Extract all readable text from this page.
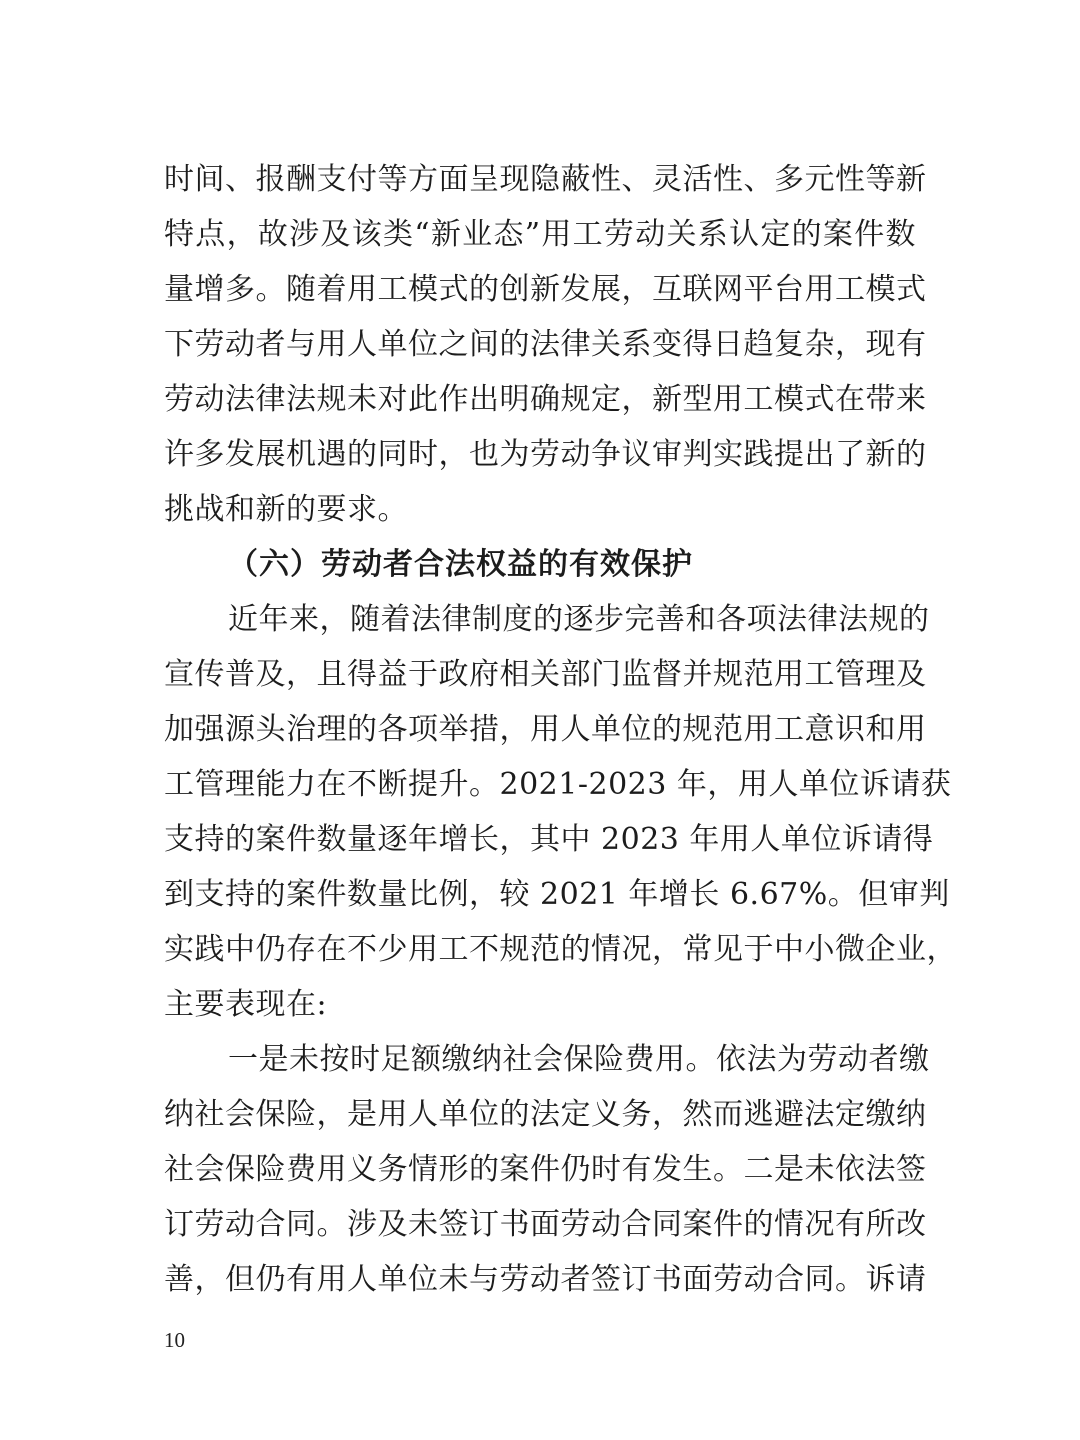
时间、报酬支付等方面呈现隐蔽性、灵活性、多元性等新
特点，故涉及该类“新业态”用工劳动关系认定的案件数
量增多。随着用工模式的创新发展，互联网平台用工模式
下劳动者与用人单位之间的法律关系变得日趋复杂，现有
劳动法律法规未对此作出明确规定，新型用工模式在带来
许多发展机遇的同时，也为劳动争议审判实践提出了新的
挑战和新的要求。
（六）劳动者合法权益的有效保护
近年来，随着法律制度的逐步完善和各项法律法规的
宣传普及，且得益于政府相关部门监督并规范用工管理及
加强源头治理的各项举措，用人单位的规范用工意识和用
工管理能力在不断提升。2021-2023 年，用人单位诉请获
支持的案件数量逐年增长，其中 2023 年用人单位诉请得
到支持的案件数量比例，较 2021 年增长 6.67%。但审判
实践中仍存在不少用工不规范的情况，常见于中小微企业，
主要表现在:
一是未按时足额缴纳社会保险费用。依法为劳动者缴
纳社会保险，是用人单位的法定义务，然而逃避法定缴纳
社会保险费用义务情形的案件仍时有发生。二是未依法签
订劳动合同。涉及未签订书面劳动合同案件的情况有所改
善，但仍有用人单位未与劳动者签订书面劳动合同。诉请
10
